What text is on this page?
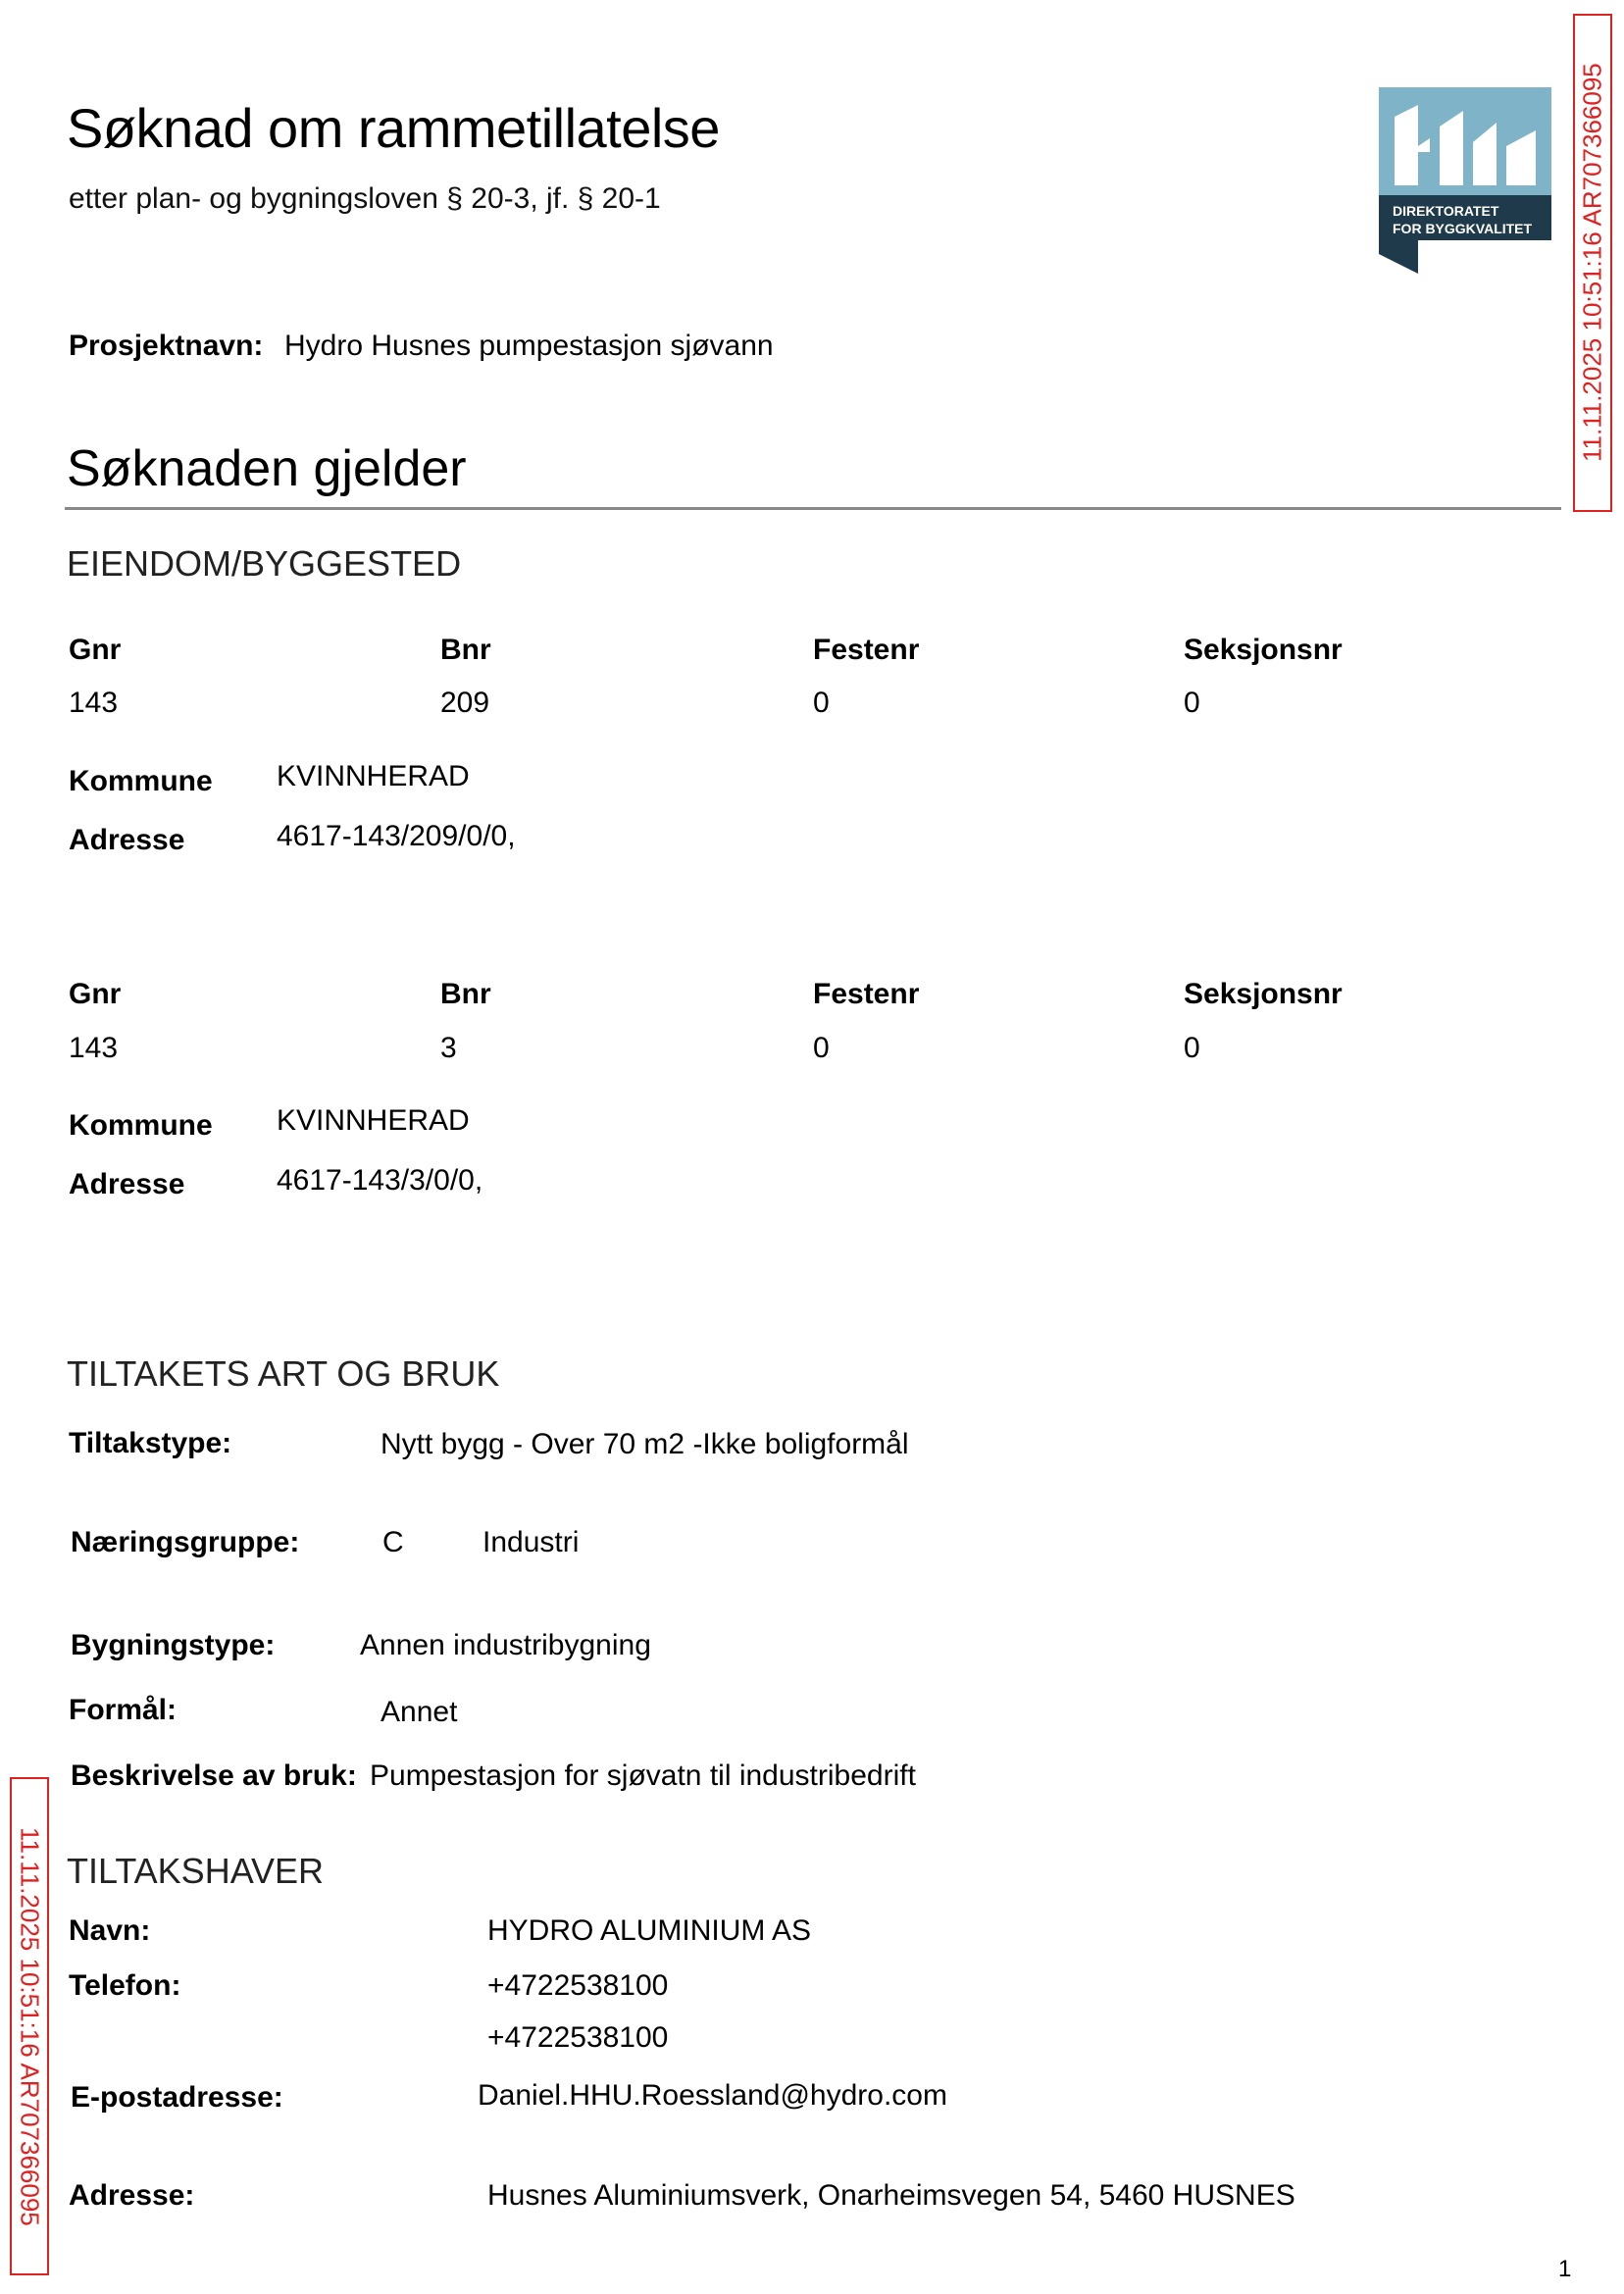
Søknad om rammetillatelse
etter plan- og bygningsloven § 20-3, jf. § 20-1	DIREKTORATET
FOR BYGGKVALITET 11.11.2025 10:51:16 AR707366095
11.11.2025 10:51:16 AR707366095
Prosjektnavn: Hydro Husnes pumpestasjon sjøvann
Søknaden gjelder
EIENDOM/BYGGESTED
Gnr	Bnr	Festenr	Seksjonsnr
143	209	0	0
Kommune KVINNHERAD
Adresse	4617-143/209/0/0,
Gnr	Bnr	Festenr	Seksjonsnr
143	3	0	0
Kommune KVINNHERAD
Adresse	4617-143/3/0/0,
TILTAKETS ART OG BRUK
Tiltakstype:	Nytt bygg - Over 70 m2 -Ikke boligformål
Næringsgruppe:	C	Industri
Bygningstype:	Annen industribygning
Formål:	Annet
Beskrivelse av bruk: Pumpestasjon for sjøvatn til industribedrift
TILTAKSHAVER
Navn:	HYDRO ALUMINIUM AS
Telefon:	+4722538100
+4722538100
E-postadresse:	Daniel.HHU.Roessland@hydro.com
Adresse:	Husnes Aluminiumsverk, Onarheimsvegen 54, 5460 HUSNES
1
